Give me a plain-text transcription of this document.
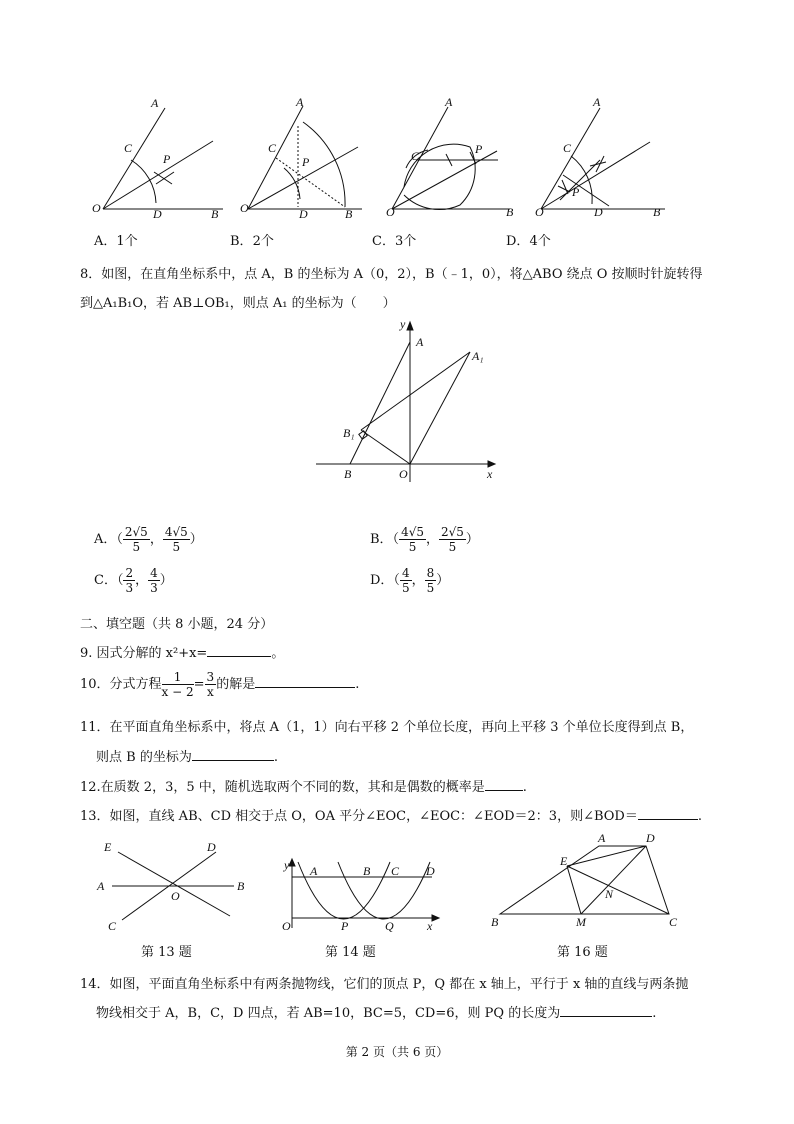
A
C
P
O	D	B
A
C
P
O	D	B
A
C	P
O	B
A
C
P
O	D	B
A．1个	B．2个	C．3个	D．4个
8．如图，在直角坐标系中，点 A，B 的坐标为 A（0，2），B（﹣1，0），将△ABO 绕点 O 按顺时针旋转得
到△A₁B₁O，若 AB⊥OB₁，则点 A₁ 的坐标为（　　）
y
A
A₁
B₁
B	O	x
A．（ $\frac{2√5}{5}$ ， $\frac{4√5}{5}$ ）	B．（ $\frac{4√5}{5}$ ， $\frac{2√5}{5}$ ）
C．（ $\frac{2}{3}$ ， $\frac{4}{3}$ ）	D．（ $\frac{4}{5}$ ， $\frac{8}{5}$ ）
二、填空题（共 8 小题，24 分）
9. 因式分解的 x²+x=	。
10．分式方程 $\frac{1}{x - 2} = \frac{3}{x}$ 的解是	.
11．在平面直角坐标系中，将点 A（1，1）向右平移 2 个单位长度，再向上平移 3 个单位长度得到点 B，
则点 B 的坐标为	.
12.在质数 2，3，5 中，随机选取两个不同的数，其和是偶数的概率是	.
13．如图，直线 AB、CD 相交于点 O，OA 平分∠EOC，∠EOC：∠EOD＝2：3，则∠BOD＝	.
E	D
A
O
B
C
y A	B C D
O	P	Q	x
A	D
E
N
B	M	C
第 13 题	第 14 题	第 16 题
14．如图，平面直角坐标系中有两条抛物线，它们的顶点 P，Q 都在 x 轴上，平行于 x 轴的直线与两条抛
物线相交于 A，B，C，D 四点，若 AB=10，BC=5，CD=6，则 PQ 的长度为	.
第 2 页（共 6 页）
